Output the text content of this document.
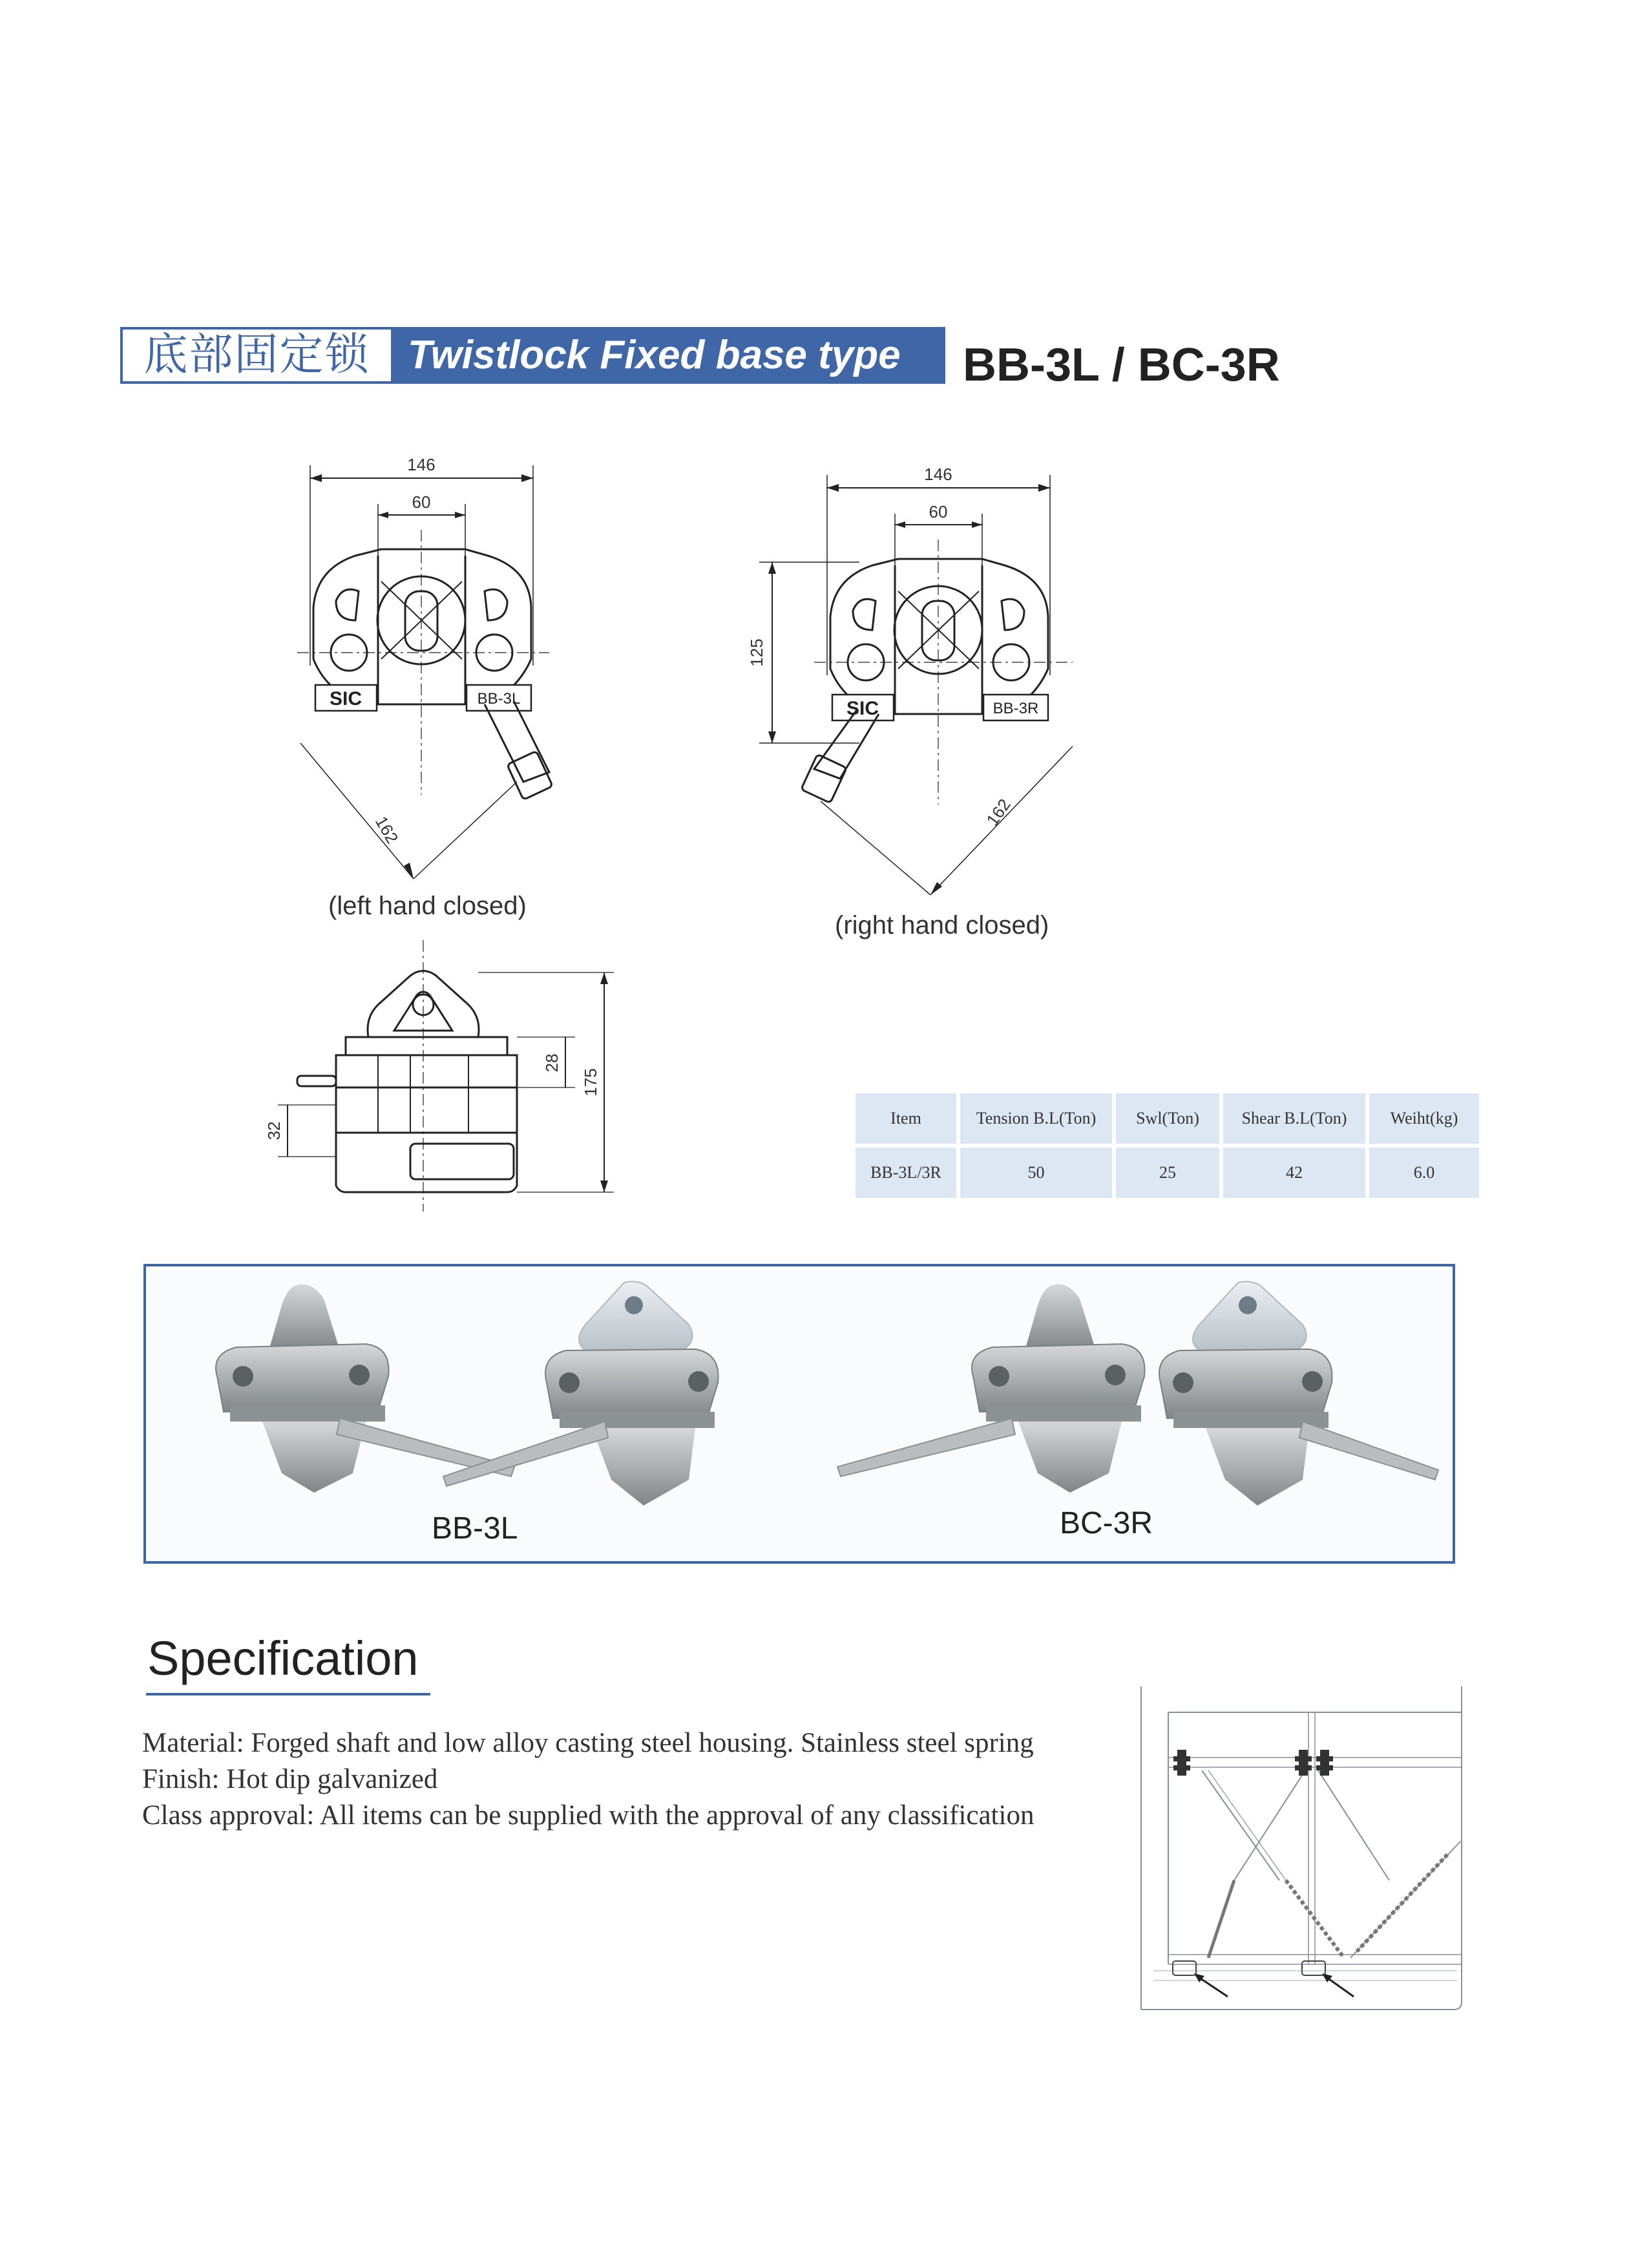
底部固定锁 Twistlock Fixed base type	BB-3L / BC-3R
146
60
SIC	BB-3L
162
(left hand closed)
146
60
125
SIC	BB-3R
162
(right hand closed)
175
28
32
Item	Tension B.L(Ton)	Swl(Ton)	Shear B.L(Ton)	Weiht(kg)
BB-3L/3R	50	25	42	6.0
BB-3L	BC-3R
Specification
Material: Forged shaft and low alloy casting steel housing. Stainless steel spring
Finish: Hot dip galvanized
Class approval: All items can be supplied with the approval of any classification
